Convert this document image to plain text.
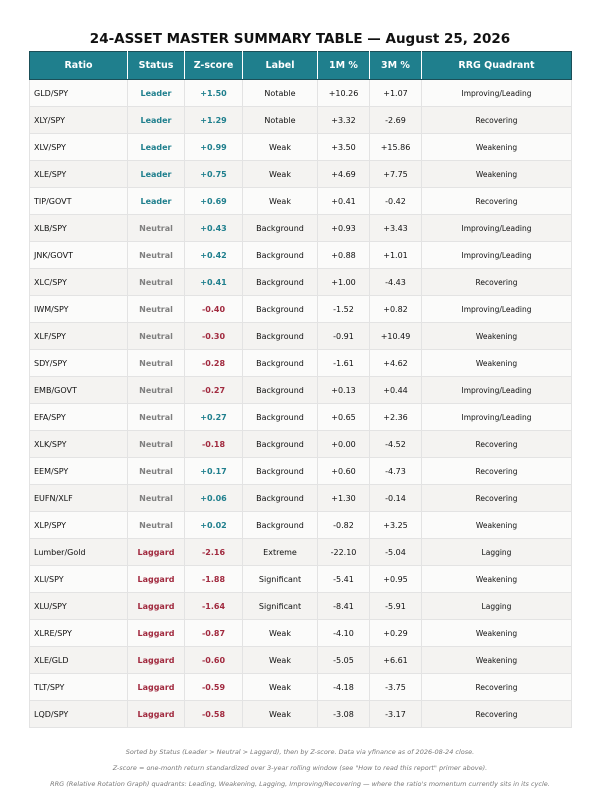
24-ASSET MASTER SUMMARY TABLE — August 25, 2026
Ratio	Status	Z-score	Label	1M %	3M %	RRG Quadrant
GLD/SPY	Leader	+1.50	Notable	+10.26	+1.07	Improving/Leading
XLY/SPY	Leader	+1.29	Notable	+3.32	-2.69	Recovering
XLV/SPY	Leader	+0.99	Weak	+3.50	+15.86	Weakening
XLE/SPY	Leader	+0.75	Weak	+4.69	+7.75	Weakening
TIP/GOVT	Leader	+0.69	Weak	+0.41	-0.42	Recovering
XLB/SPY	Neutral	+0.43	Background	+0.93	+3.43	Improving/Leading
JNK/GOVT	Neutral	+0.42	Background	+0.88	+1.01	Improving/Leading
XLC/SPY	Neutral	+0.41	Background	+1.00	-4.43	Recovering
IWM/SPY	Neutral	-0.40	Background	-1.52	+0.82	Improving/Leading
XLF/SPY	Neutral	-0.30	Background	-0.91	+10.49	Weakening
SDY/SPY	Neutral	-0.28	Background	-1.61	+4.62	Weakening
EMB/GOVT	Neutral	-0.27	Background	+0.13	+0.44	Improving/Leading
EFA/SPY	Neutral	+0.27	Background	+0.65	+2.36	Improving/Leading
XLK/SPY	Neutral	-0.18	Background	+0.00	-4.52	Recovering
EEM/SPY	Neutral	+0.17	Background	+0.60	-4.73	Recovering
EUFN/XLF	Neutral	+0.06	Background	+1.30	-0.14	Recovering
XLP/SPY	Neutral	+0.02	Background	-0.82	+3.25	Weakening
Lumber/Gold	Laggard	-2.16	Extreme	-22.10	-5.04	Lagging
XLI/SPY	Laggard	-1.88	Significant	-5.41	+0.95	Weakening
XLU/SPY	Laggard	-1.64	Significant	-8.41	-5.91	Lagging
XLRE/SPY	Laggard	-0.87	Weak	-4.10	+0.29	Weakening
XLE/GLD	Laggard	-0.60	Weak	-5.05	+6.61	Weakening
TLT/SPY	Laggard	-0.59	Weak	-4.18	-3.75	Recovering
LQD/SPY	Laggard	-0.58	Weak	-3.08	-3.17	Recovering
Sorted by Status (Leader > Neutral > Laggard), then by Z-score. Data via yfinance as of 2026-08-24 close.
Z-score = one-month return standardized over 3-year rolling window (see "How to read this report" primer above).
RRG (Relative Rotation Graph) quadrants: Leading, Weakening, Lagging, Improving/Recovering — where the ratio's momentum currently sits in its cycle.
